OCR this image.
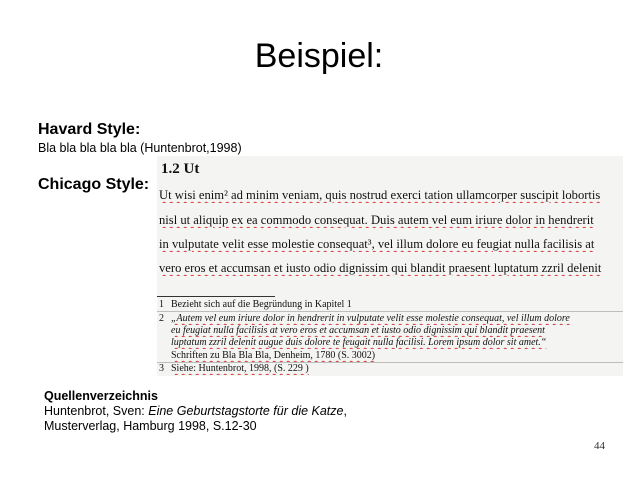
Beispiel:
Havard Style:
Bla bla bla bla bla (Huntenbrot,1998)
1.2 Ut
Ut wisi enim² ad minim veniam, quis nostrud exerci tation ullamcorper suscipit lobortis
nisl ut aliquip ex ea commodo consequat. Duis autem vel eum iriure dolor in hendrerit
in vulputate velit esse molestie consequat³, vel illum dolore eu feugiat nulla facilisis at
vero eros et accumsan et iusto odio dignissim qui blandit praesent luptatum zzril delenit
1 Bezieht sich auf die Begründung in Kapitel 1
2 „Autem vel eum iriure dolor in hendrerit in vulputate velit esse molestie consequat, vel illum dolore
eu feugiat nulla facilisis at vero eros et accumsan et iusto odio dignissim qui blandit praesent
luptatum zzril delenit augue duis dolore te feugait nulla facilisi. Lorem ipsum dolor sit amet.“
Schriften zu Bla Bla Bla, Denheim, 1780 (S. 3002)
3 Siehe: Huntenbrot, 1998, (S. 229 )
Chicago Style:
Quellenverzeichnis
Huntenbrot, Sven: Eine Geburtstagstorte für die Katze,
Musterverlag, Hamburg 1998, S.12-30
44
